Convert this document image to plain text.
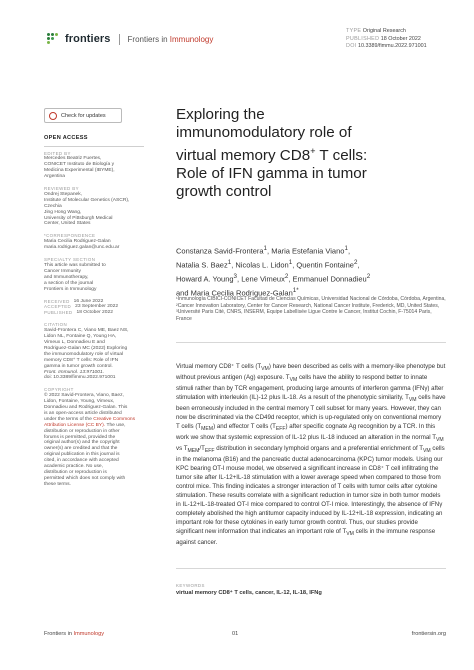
frontiers Frontiers in Immunology
TYPE Original Research
PUBLISHED 18 October 2022
DOI 10.3389/fimmu.2022.971001
Check for updates
OPEN ACCESS
EDITED BY

Mercedes Beatriz Fuertes,

CONICET Instituto de Biología y

Medicina Experimental (IBYME),

Argentina

REVIEWED BY

Ondrej Stepanek,

Institute of Molecular Genetics (ASCR),

Czechia

Jing Hong Wang,

University of Pittsburgh Medical

Center, United States

*CORRESPONDENCE

Maria Cecilia Rodriguez-Galan

maria.rodriguez.galan@unc.edu.ar

SPECIALTY SECTION

This article was submitted to

Cancer Immunity

and Immunotherapy,

a section of the journal

Frontiers in Immunology

RECEIVED 16 June 2022
ACCEPTED 23 September 2022
PUBLISHED 18 October 2022
CITATION

Savid-Frontera C, Viano ME, Baez NS,

Lidon NL, Fontaine Q, Young HA,

Vimeux L, Donnadieu E and

Rodriguez-Galan MC (2022) Exploring

the immunomodulatory role of virtual

memory CD8⁺ T cells: Role of IFN

gamma in tumor growth control.

Front. Immunol. 13:971001.

doi: 10.3389/fimmu.2022.971001

COPYRIGHT

© 2022 Savid-Frontera, Viano, Baez,

Lidon, Fontaine, Young, Vimeux,

Donnadieu and Rodriguez-Galan. This

is an open-access article distributed

under the terms of the Creative Commons

Attribution License (CC BY). The use,

distribution or reproduction in other

forums is permitted, provided the

original author(s) and the copyright

owner(s) are credited and that the

original publication in this journal is

cited, in accordance with accepted

academic practice. No use,

distribution or reproduction is

permitted which does not comply with

these terms.

Exploring the
immunomodulatory role of
virtual memory CD8+ T cells:
Role of IFN gamma in tumor
growth control
Constanza Savid-Frontera$^1$, Maria Estefania Viano$^1$,
Natalia S. Baez$^1$, Nicolas L. Lidon$^1$, Quentin Fontaine$^2$,
Howard A. Young$^3$, Lene Vimeux$^2$, Emmanuel Donnadieu$^2$
and Maria Cecilia Rodriguez-Galan$^{1*}$
¹Inmunología CIBICI-CONICET Facultad de Ciencias Químicas, Universidad Nacional de Córdoba, Córdoba, Argentina, ²Cancer Innovation Laboratory, Center for Cancer Research, National Cancer Institute, Frederick, MD, United States, ³Université Paris Cité, CNRS, INSERM, Equipe Labellisée Ligue Contre le Cancer, Institut Cochin, F-75014 Paris, France
Virtual memory CD8⁺ T cells $(T_{VM})$ have been described as cells with a memory-like phenotype but without previous antigen (Ag) exposure. $T_{VM}$ cells have the ability to respond better to innate stimuli rather than by TCR engagement, producing large amounts of interferon gamma (IFNγ) after stimulation with interleukin (IL)-12 plus IL-18. As a result of the phenotypic similarity, $T_{VM}$ cells have been erroneously included in the central memory T cell subset for many years. However, they can now be discriminated via the CD49d receptor, which is up-regulated only on conventional memory T cells $(T_{MEM})$ and effector T cells $(T_{EFF})$ after specific cognate Ag recognition by a TCR. In this work we show that systemic expression of IL-12 plus IL-18 induced an alteration in the normal $T_{VM}$ vs $T_{MEM}/T_{EFF}$ distribution in secondary lymphoid organs and a preferential enrichment of $T_{VM}$ cells in the melanoma (B16) and the pancreatic ductal adenocarcinoma (KPC) tumor models. Using our KPC bearing OT-I mouse model, we observed a significant increase in CD8⁺ T cell infiltrating the tumor site after IL-12+IL-18 stimulation with a lower average speed when compared to those from control mice. This finding indicates a stronger interaction of T cells with tumor cells after cytokine stimulation. These results correlate with a significant reduction in tumor size in both tumor models in IL-12+IL-18-treated OT-I mice compared to control OT-I mice. Interestingly, the absence of IFNγ completely abolished the high antitumor capacity induced by IL-12+IL-18 expression, indicating an important role for these cytokines in early tumor growth control. Thus, our studies provide significant new information that indicates an important role of $T_{VM}$ cells in the immune response against cancer.
KEYWORDS
virtual memory CD8⁺ T cells, cancer, IL-12, IL-18, IFNg
Frontiers in Immunology	01	frontiersin.org
